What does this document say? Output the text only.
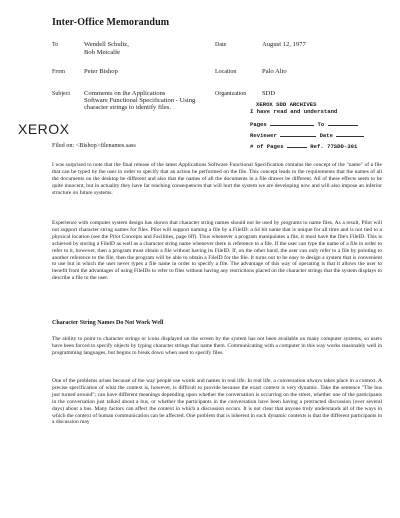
Inter-Office Memorandum
To	Wendell Schultz,
Bob Metcalfe
Date	August 12, 1977
From	Peter Bishop	Location	Palo Alto
Subject Comments on the Applications
Software Functional Specification - Using
character strings to identify files.
Organization SDD
XEROX
XEROX SDD ARCHIVES
I have read and understand
Pages	To
Reviewer	Date
# of Pages	Ref. 77SDD-301
Filed on: <Bishop>filenames.sass

I was surprised to note that the final release of the latest Applications Software Functional Specification contains the concept of the "name" of a file that can be typed by the user in order to specify that an action be performed on the file. This concept leads to the requirements that the names of all the documents on the desktop be different and also that the names of all the documents in a file drawer be different. All of these effects seem to be quite innocent, but in actuality they have far reaching consequences that will hurt the system we are developing now and will also impose an inferior structure on future systems.

Experience with computer system design has shown that character string names should not be used by programs to name files. As a result, Pilot will not support character string names for files. Pilot will support naming a file by a FileID: a 64 bit name that is unique for all time and is not tied to a physical location (see the Pilot Concepts and Facilities, page 6ff). Thus whenever a program manipulates a file, it must have the file's FileID. This is achieved by storing a FileID as well as a character string name whenever there is reference to a file. If the user can type the name of a file in order to refer to it, however, then a program must obtain a file without having its FileID. If, on the other hand, the user can only refer to a file by pointing to another reference to the file, then the program will be able to obtain a FileID for the file. It turns out to be easy to design a system that is convenient to use but in which the user never types a file name in order to specify a file. The advantage of this way of operating is that it allows the user to benefit from the advantages of using FileIDs to refer to files without having any restrictions placed on the character strings that the system displays to describe a file to the user.

Character String Names Do Not Work Well

The ability to point to character strings or icons displayed on the screen by the system has not been available on many computer systems, so users have been forced to specify objects by typing character strings that name them. Communicating with a computer in this way works reasonably well in programming languages, but begins to break down when used to specify files.

One of the problems arises because of the way people use words and names in real life. In real life, a conversation always takes place in a context. A precise specification of what the context is, however, is difficult to provide because the exact context is very dynamic. Take the sentence "The bus just turned around"; can have different meanings depending upon whether the conversation is occurring on the street, whether one of the participants in the conversation just talked about a bus, or whether the participants in the conversation have been having a protracted discussion (over several days) about a bus. Many factors can affect the context in which a discussion occurs. It is not clear that anyone truly understands all of the ways in which the context of human communication can be affected. One problem that is inherent in such dynamic contexts is that the different participants in a discussion may
